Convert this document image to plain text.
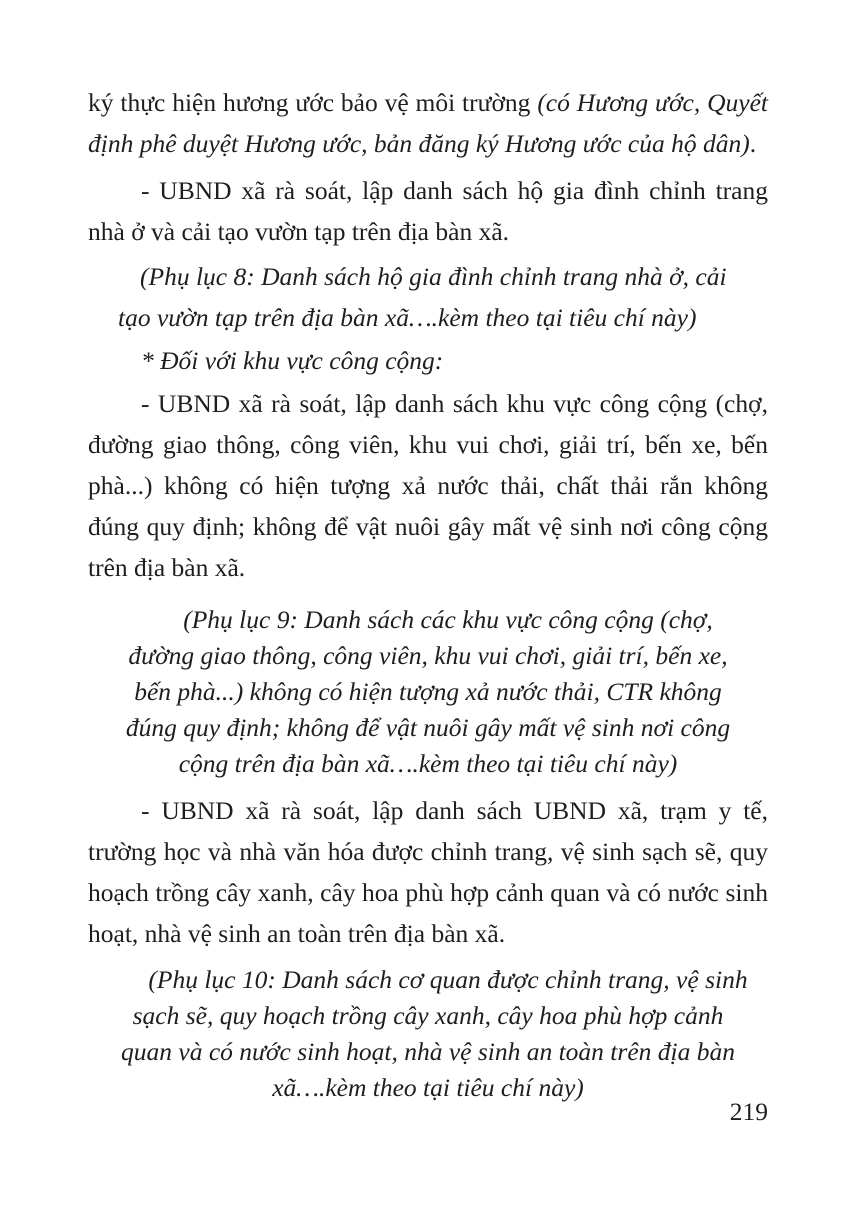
ký thực hiện hương ước bảo vệ môi trường (có Hương ước, Quyết định phê duyệt Hương ước, bản đăng ký Hương ước của hộ dân).

- UBND xã rà soát, lập danh sách hộ gia đình chỉnh trang nhà ở và cải tạo vườn tạp trên địa bàn xã.

(Phụ lục 8: Danh sách hộ gia đình chỉnh trang nhà ở, cải
tạo vườn tạp trên địa bàn xã….kèm theo tại tiêu chí này)

* Đối với khu vực công cộng:

- UBND xã rà soát, lập danh sách khu vực công cộng (chợ, đường giao thông, công viên, khu vui chơi, giải trí, bến xe, bến phà...) không có hiện tượng xả nước thải, chất thải rắn không đúng quy định; không để vật nuôi gây mất vệ sinh nơi công cộng trên địa bàn xã.

(Phụ lục 9: Danh sách các khu vực công cộng (chợ,

đường giao thông, công viên, khu vui chơi, giải trí, bến xe,

bến phà...) không có hiện tượng xả nước thải, CTR không

đúng quy định; không để vật nuôi gây mất vệ sinh nơi công

cộng trên địa bàn xã….kèm theo tại tiêu chí này)

- UBND xã rà soát, lập danh sách UBND xã, trạm y tế, trường học và nhà văn hóa được chỉnh trang, vệ sinh sạch sẽ, quy hoạch trồng cây xanh, cây hoa phù hợp cảnh quan và có nước sinh hoạt, nhà vệ sinh an toàn trên địa bàn xã.

(Phụ lục 10: Danh sách cơ quan được chỉnh trang, vệ sinh

sạch sẽ, quy hoạch trồng cây xanh, cây hoa phù hợp cảnh

quan và có nước sinh hoạt, nhà vệ sinh an toàn trên địa bàn

xã….kèm theo tại tiêu chí này)

219
